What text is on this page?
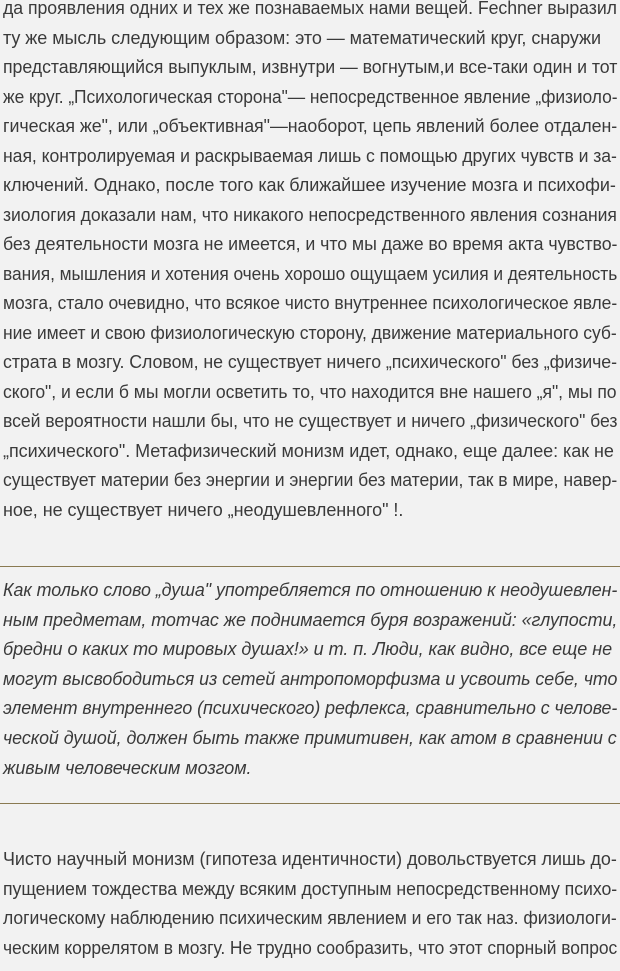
да проявления одних и тех же познаваемых нами вещей. Fechner выразил
ту же мысль следующим образом: это — математический круг, снаружи
представляющийся выпуклым, извнутри — вогнутым,и все-таки один и тот
же круг. „Психологическая сторона"— непосредственное явление „физиоло-
гическая же", или „объективная"—наоборот, цепь явлений более отдален-
ная, контролируемая и раскрываемая лишь с помощью других чувств и за-
ключений. Однако, после того как ближайшее изучение мозга и психофи-
зиология доказали нам, что никакого непосредственного явления сознания
без деятельности мозга не имеется, и что мы даже во время акта чувство-
вания, мышления и хотения очень хорошо ощущаем усилия и деятельность
мозга, стало очевидно, что всякое чисто внутреннее психологическое явле-
ние имеет и свою физиологическую сторону, движение материального суб-
страта в мозгу. Словом, не существует ничего „психического" без „физиче-
ского", и если б мы могли осветить то, что находится вне нашего „я", мы по
всей вероятности нашли бы, что не существует и ничего „физического" без
„психического". Метафизический монизм идет, однако, еще далее: как не
существует материи без энергии и энергии без материи, так в мире, навер-
ное, не существует ничего „неодушевленного" !.
Как только слово „душа" употребляется по отношению к неодушевлен-
ным предметам, тотчас же поднимается буря возражений: «глупости,
бредни о каких то мировых душах!» и т. п. Люди, как видно, все еще не
могут высвободиться из сетей антропоморфизма и усвоить себе, что
элемент внутреннего (психического) рефлекса, сравнительно с челове-
ческой душой, должен быть также примитивен, как атом в сравнении с
живым человеческим мозгом.
Чисто научный монизм (гипотеза идентичности) довольствуется лишь до-
пущением тождества между всяким доступным непосредственному психо-
логическому наблюдению психическим явлением и его так наз. физиологи-
ческим коррелятом в мозгу. Не трудно сообразить, что этот спорный вопрос
